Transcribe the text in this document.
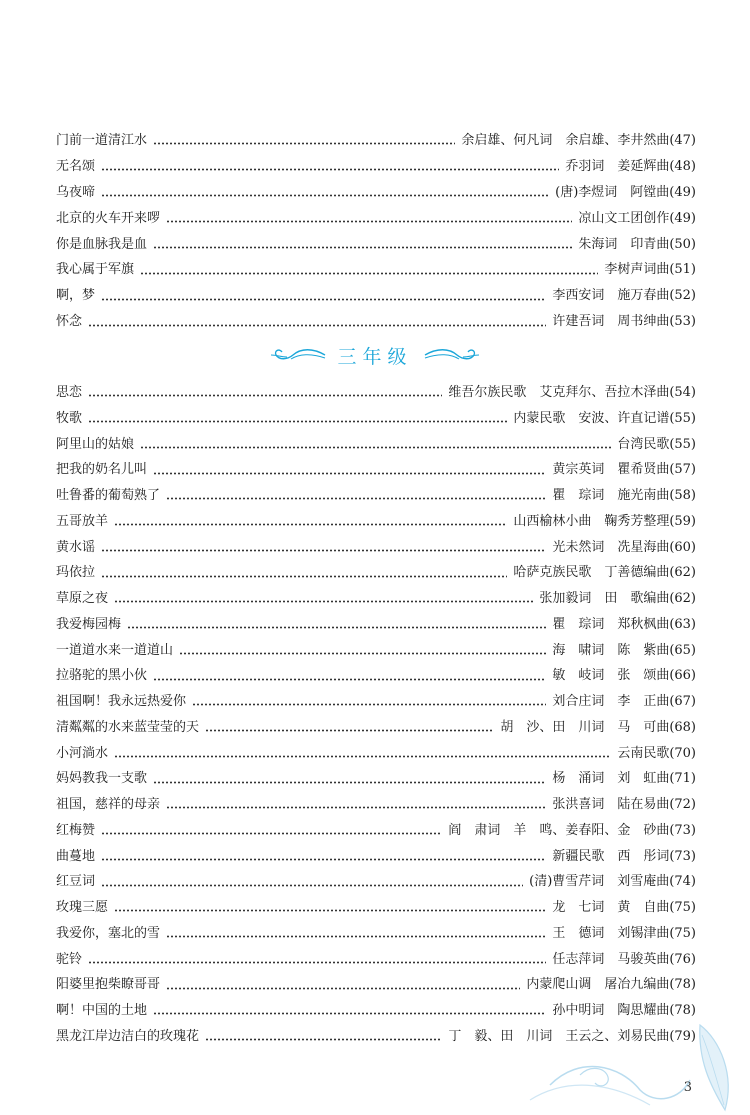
门前一道清江水	余启雄、何凡词　余启雄、李井然曲(47)
无名颂	乔羽词　姜延辉曲(48)
乌夜啼	(唐)李煜词　阿镗曲(49)
北京的火车开来啰	凉山文工团创作(49)
你是血脉我是血	朱海词　印青曲(50)
我心属于军旗	李树声词曲(51)
啊，梦	李西安词　施万春曲(52)
怀念	许建吾词　周书绅曲(53)
三年级
思恋	维吾尔族民歌　艾克拜尔、吾拉木泽曲(54)
牧歌	内蒙民歌　安波、许直记谱(55)
阿里山的姑娘	台湾民歌(55)
把我的奶名儿叫	黄宗英词　瞿希贤曲(57)
吐鲁番的葡萄熟了	瞿　琮词　施光南曲(58)
五哥放羊	山西榆林小曲　鞠秀芳整理(59)
黄水谣	光未然词　冼星海曲(60)
玛依拉	哈萨克族民歌　丁善德编曲(62)
草原之夜	张加毅词　田　歌编曲(62)
我爱梅园梅	瞿　琮词　郑秋枫曲(63)
一道道水来一道道山	海　啸词　陈　紫曲(65)
拉骆驼的黑小伙	敏　岐词　张　颂曲(66)
祖国啊！我永远热爱你	刘合庄词　李　正曲(67)
清粼粼的水来蓝莹莹的天	胡　沙、田　川词　马　可曲(68)
小河淌水	云南民歌(70)
妈妈教我一支歌	杨　涌词　刘　虹曲(71)
祖国，慈祥的母亲	张洪喜词　陆在易曲(72)
红梅赞	阎　肃词　羊　鸣、姜春阳、金　砂曲(73)
曲蔓地	新疆民歌　西　彤词(73)
红豆词	(清)曹雪芹词　刘雪庵曲(74)
玫瑰三愿	龙　七词　黄　自曲(75)
我爱你，塞北的雪	王　德词　刘锡津曲(75)
驼铃	任志萍词　马骏英曲(76)
阳婆里抱柴瞭哥哥	内蒙爬山调　屠冶九编曲(78)
啊！中国的土地	孙中明词　陶思耀曲(78)
黑龙江岸边洁白的玫瑰花	丁　毅、田　川词　王云之、刘易民曲(79)
3
